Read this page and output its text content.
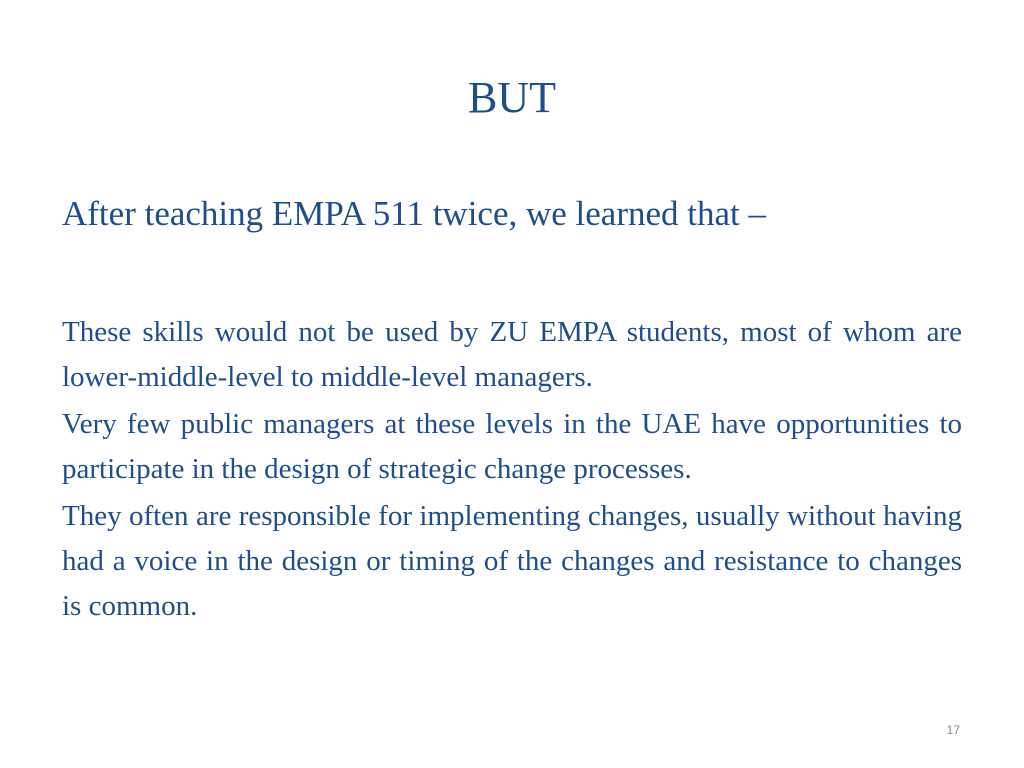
BUT
After teaching EMPA 511 twice, we learned that –

These skills would not be used by ZU EMPA students, most of whom are lower-middle-level to middle-level managers.

Very few public managers at these levels in the UAE have opportunities to participate in the design of strategic change processes.

They often are responsible for implementing changes, usually without having had a voice in the design or timing of the changes and resistance to changes is common.

17
